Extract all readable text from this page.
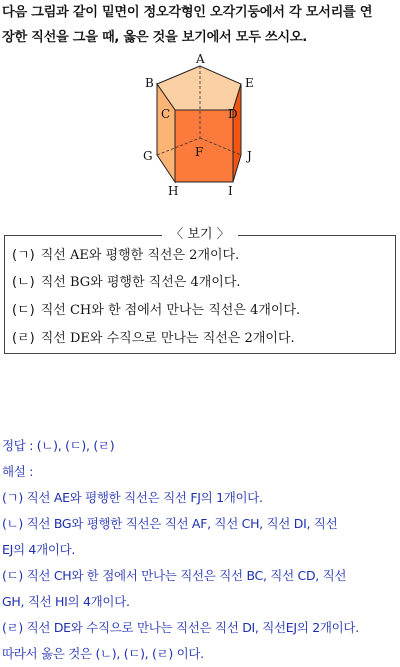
다음 그림과 같이 밑면이 정오각형인 오각기둥에서 각 모서리를 연
장한 직선을 그을 때, 옳은 것을 보기에서 모두 쓰시오.
A
B
C	D
E
F
G
H	I
J
〈 보기 〉
(ㄱ) 직선 AE와 평행한 직선은 2개이다.
(ㄴ) 직선 BG와 평행한 직선은 4개이다.
(ㄷ) 직선 CH와 한 점에서 만나는 직선은 4개이다.
(ㄹ) 직선 DE와 수직으로 만나는 직선은 2개이다.
정답 : (ㄴ), (ㄷ), (ㄹ)
해설 :
(ㄱ) 직선 AE와 평행한 직선은 직선 FJ의 1개이다.
(ㄴ) 직선 BG와 평행한 직선은 직선 AF, 직선 CH, 직선 DI, 직선
EJ의 4개이다.
(ㄷ) 직선 CH와 한 점에서 만나는 직선은 직선 BC, 직선 CD, 직선
GH, 직선 HI의 4개이다.
(ㄹ) 직선 DE와 수직으로 만나는 직선은 직선 DI, 직선EJ의 2개이다.
따라서 옳은 것은 (ㄴ), (ㄷ), (ㄹ) 이다.
